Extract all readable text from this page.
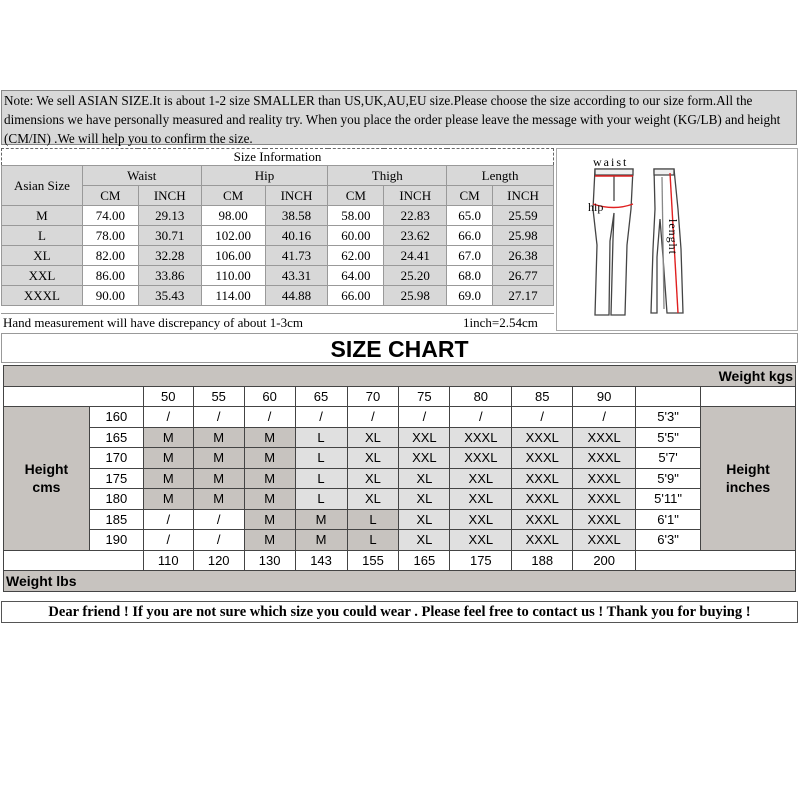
Note: We sell ASIAN SIZE.It is about 1-2 size SMALLER than US,UK,AU,EU size.Please choose the size according to our size form.All the dimensions we have personally measured and reality try. When you place the order please leave the message with your weight (KG/LB) and height (CM/IN) .We will help you to confirm the size.
Size Information								
Asian Size	Waist		Hip		Thigh		Length	
	CM	INCH	CM	INCH	CM	INCH	CM	INCH
M	74.00	29.13	98.00	38.58	58.00	22.83	65.0	25.59
L	78.00	30.71	102.00	40.16	60.00	23.62	66.0	25.98
XL	82.00	32.28	106.00	41.73	62.00	24.41	67.0	26.38
XXL	86.00	33.86	110.00	43.31	64.00	25.20	68.0	26.77
XXXL	90.00	35.43	114.00	44.88	66.00	25.98	69.0	27.17
Hand measurement will have discrepancy of about 1-3cm	1inch=2.54cm
waist
hip
lenght
SIZE CHART
Weight kgs												
		50	55	60	65	70	75	80	85	90		
Height
cms	160	/	/	/	/	/	/	/	/	/	5'3"	Height
inches
	165	M	M	M	L	XL	XXL	XXXL	XXXL	XXXL	5'5"	
	170	M	M	M	L	XL	XXL	XXXL	XXXL	XXXL	5'7'	
	175	M	M	M	L	XL	XL	XXL	XXXL	XXXL	5'9"	
	180	M	M	M	L	XL	XL	XXL	XXXL	XXXL	5'11"	
	185	/	/	M	M	L	XL	XXL	XXXL	XXXL	6'1"	
	190	/	/	M	M	L	XL	XXL	XXXL	XXXL	6'3"	
		110	120	130	143	155	165	175	188	200		
Weight lbs												
Dear friend ! If you are not sure which size you could wear . Please feel free to contact us ! Thank you for buying !
